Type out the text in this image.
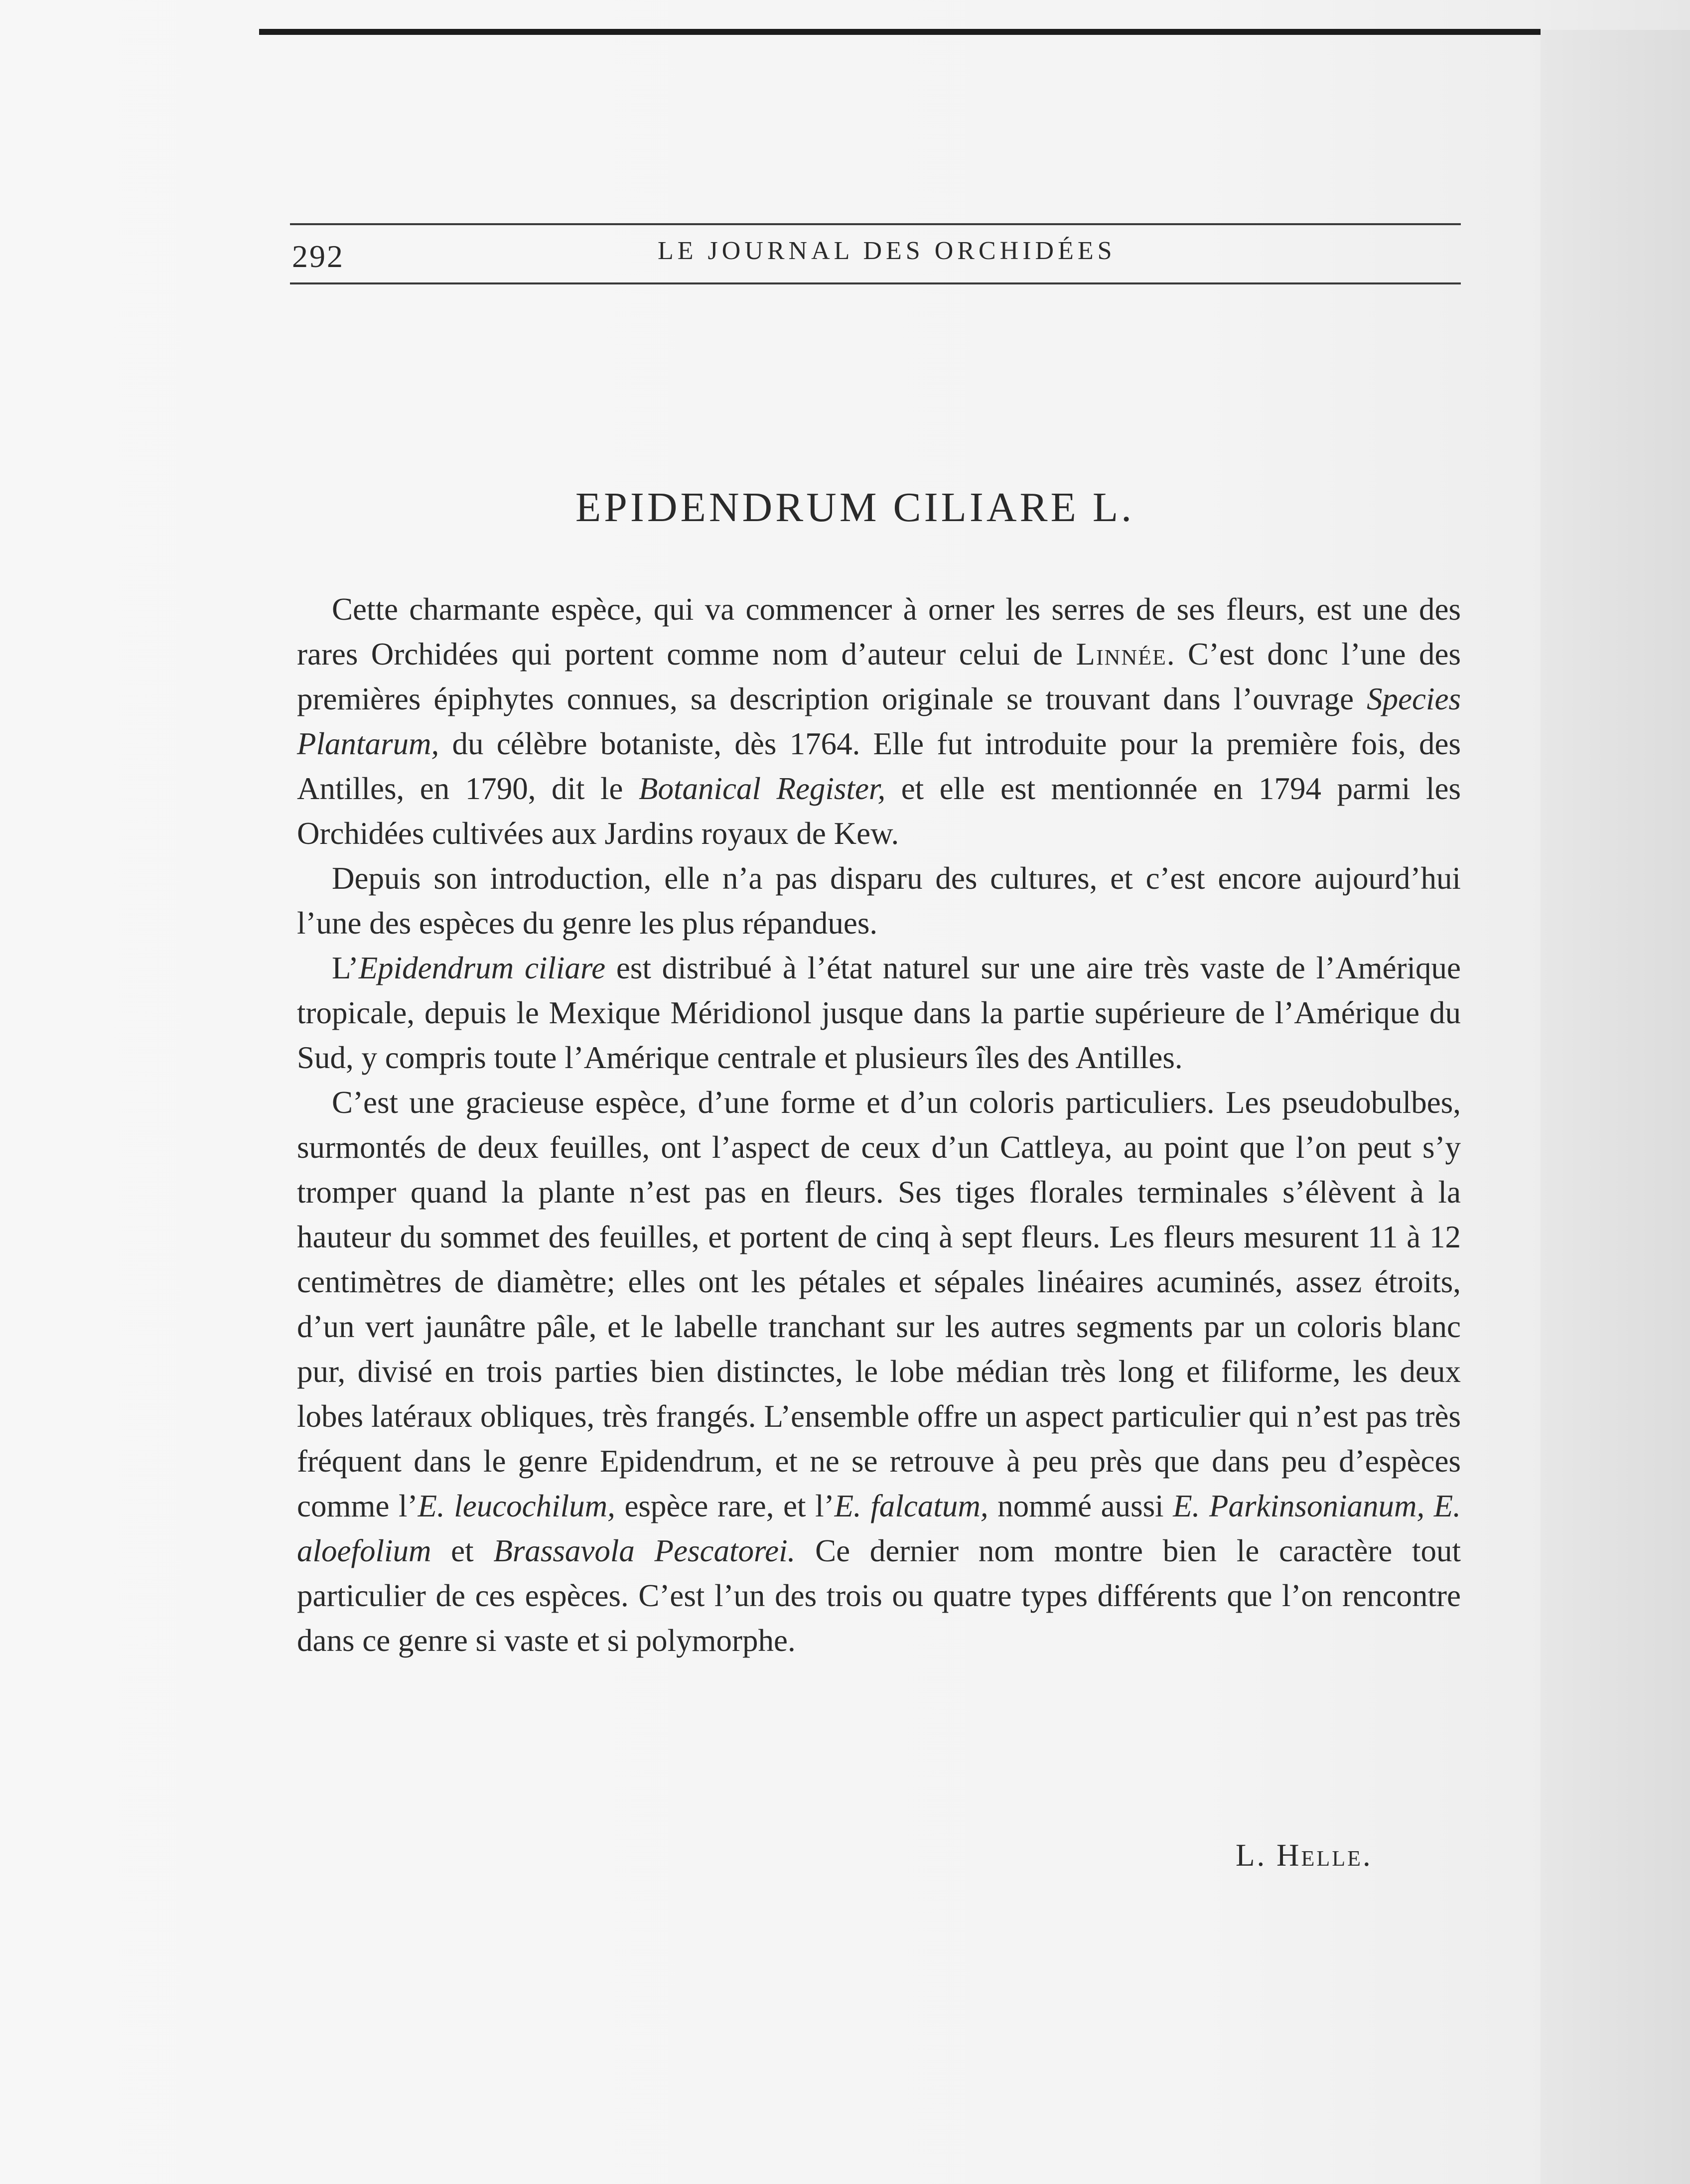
292	LE JOURNAL DES ORCHIDÉES
EPIDENDRUM CILIARE L.

Cette charmante espèce, qui va commencer à orner les serres de ses fleurs, est une des rares Orchidées qui portent comme nom d’auteur celui de Linnée. C’est donc l’une des premières épiphytes connues, sa description originale se trouvant dans l’ouvrage Species Plantarum, du célèbre botaniste, dès 1764. Elle fut introduite pour la première fois, des Antilles, en 1790, dit le Botanical Register, et elle est mentionnée en 1794 parmi les Orchidées cultivées aux Jardins royaux de Kew.

Depuis son introduction, elle n’a pas disparu des cultures, et c’est encore aujourd’hui l’une des espèces du genre les plus répandues.

L’Epidendrum ciliare est distribué à l’état naturel sur une aire très vaste de l’Amérique tropicale, depuis le Mexique Méridionol jusque dans la partie supérieure de l’Amérique du Sud, y compris toute l’Amérique centrale et plusieurs îles des Antilles.

C’est une gracieuse espèce, d’une forme et d’un coloris particuliers. Les pseudobulbes, surmontés de deux feuilles, ont l’aspect de ceux d’un Cattleya, au point que l’on peut s’y tromper quand la plante n’est pas en fleurs. Ses tiges florales terminales s’élèvent à la hauteur du sommet des feuilles, et portent de cinq à sept fleurs. Les fleurs mesurent 11 à 12 centimètres de diamètre; elles ont les pétales et sépales linéaires acuminés, assez étroits, d’un vert jaunâtre pâle, et le labelle tranchant sur les autres segments par un coloris blanc pur, divisé en trois parties bien distinctes, le lobe médian très long et filiforme, les deux lobes latéraux obliques, très frangés. L’ensemble offre un aspect particulier qui n’est pas très fréquent dans le genre Epidendrum, et ne se retrouve à peu près que dans peu d’espèces comme l’E. leucochilum, espèce rare, et l’E. falcatum, nommé aussi E. Parkinsonianum, E. aloefolium et Brassavola Pescatorei. Ce dernier nom montre bien le caractère tout particulier de ces espèces. C’est l’un des trois ou quatre types différents que l’on rencontre dans ce genre si vaste et si polymorphe.

L. Helle.
